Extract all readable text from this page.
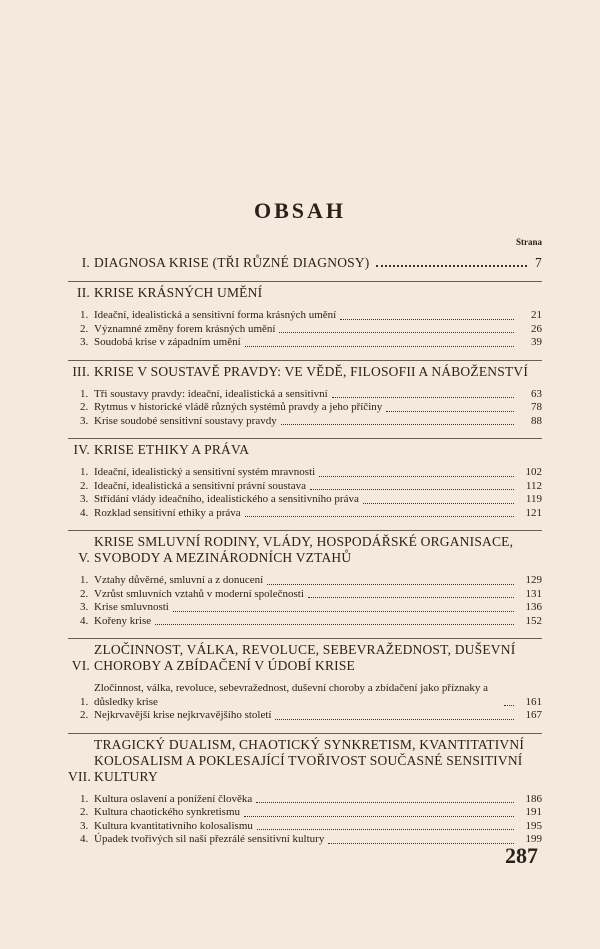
OBSAH
Strana
I. DIAGNOSA KRISE (TŘI RŮZNÉ DIAGNOSY)	7
II. KRISE KRÁSNÝCH UMĚNÍ
1. Ideační, idealistická a sensitivní forma krásných umění	21
2. Významné změny forem krásných umění	26
3. Soudobá krise v západním umění	39
III. KRISE V SOUSTAVĚ PRAVDY: VE VĚDĚ, FILOSOFII A NÁBOŽENSTVÍ
1. Tři soustavy pravdy: ideační, idealistická a sensitivní	63
2. Rytmus v historické vládě různých systémů pravdy a jeho příčiny	78
3. Krise soudobé sensitivní soustavy pravdy	88
IV. KRISE ETHIKY A PRÁVA
1. Ideační, idealistický a sensitivní systém mravnosti	102
2. Ideační, idealistická a sensitivní právní soustava	112
3. Střídání vlády ideačního, idealistického a sensitivního práva	119
4. Rozklad sensitivní ethiky a práva	121
V.
KRISE SMLUVNÍ RODINY, VLÁDY, HOSPODÁŘSKÉ ORGANISACE, SVOBODY A MEZINÁRODNÍCH VZTAHŮ
1. Vztahy důvěrné, smluvní a z donucení	129
2. Vzrůst smluvních vztahů v moderní společnosti	131
3. Krise smluvnosti	136
4. Kořeny krise	152
VI.
ZLOČINNOST, VÁLKA, REVOLUCE, SEBEVRAŽEDNOST, DUŠEVNÍ CHOROBY A ZBÍDAČENÍ V ÚDOBÍ KRISE
1.
Zločinnost, válka, revoluce, sebevražednost, duševní choroby a zbídačení jako příznaky a důsledky krise	161
2. Nejkrvavější krise nejkrvavějšího století	167
VII.
TRAGICKÝ DUALISM, CHAOTICKÝ SYNKRETISM, KVANTITATIVNÍ KOLOSALISM A POKLESAJÍCÍ TVOŘIVOST SOUČASNÉ SENSITIVNÍ KULTURY
1. Kultura oslavení a ponížení člověka	186
2. Kultura chaotického synkretismu	191
3. Kultura kvantitativního kolosalismu	195
4. Úpadek tvořivých sil naší přezrálé sensitivní kultury	199
287
